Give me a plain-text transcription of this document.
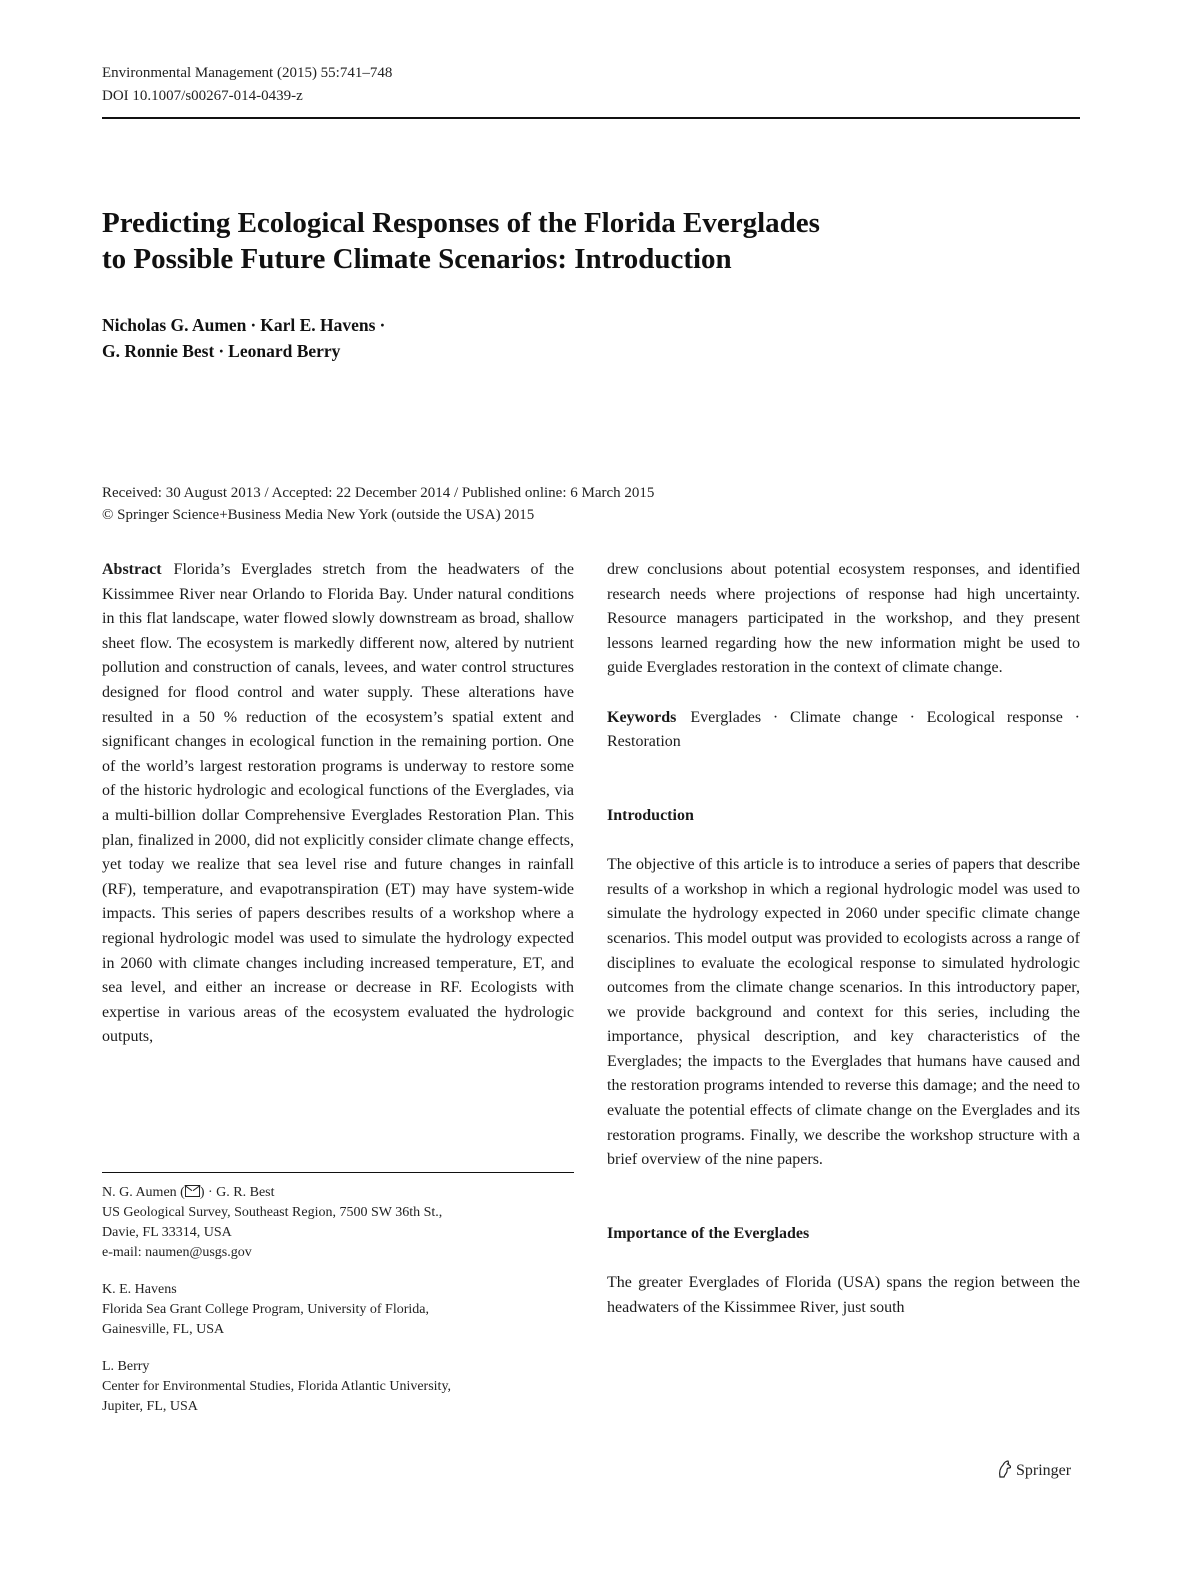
Environmental Management (2015) 55:741–748
DOI 10.1007/s00267-014-0439-z
Predicting Ecological Responses of the Florida Everglades
to Possible Future Climate Scenarios: Introduction
Nicholas G. Aumen · Karl E. Havens ·
G. Ronnie Best · Leonard Berry
Received: 30 August 2013 / Accepted: 22 December 2014 / Published online: 6 March 2015
© Springer Science+Business Media New York (outside the USA) 2015
Abstract Florida’s Everglades stretch from the headwaters of the Kissimmee River near Orlando to Florida Bay. Under natural conditions in this flat landscape, water flowed slowly downstream as broad, shallow sheet flow. The ecosystem is markedly different now, altered by nutrient pollution and construction of canals, levees, and water control structures designed for flood control and water supply. These alterations have resulted in a 50 % reduction of the ecosystem’s spatial extent and significant changes in ecological function in the remaining portion. One of the world’s largest restoration programs is underway to restore some of the historic hydrologic and ecological functions of the Everglades, via a multi-billion dollar Comprehensive Everglades Restoration Plan. This plan, finalized in 2000, did not explicitly consider climate change effects, yet today we realize that sea level rise and future changes in rainfall (RF), temperature, and evapotranspiration (ET) may have system-wide impacts. This series of papers describes results of a workshop where a regional hydrologic model was used to simulate the hydrology expected in 2060 with climate changes including increased temperature, ET, and sea level, and either an increase or decrease in RF. Ecologists with expertise in various areas of the ecosystem evaluated the hydrologic outputs,
N. G. Aumen ( ) · G. R. Best
US Geological Survey, Southeast Region, 7500 SW 36th St.,
Davie, FL 33314, USA
e-mail: naumen@usgs.gov
K. E. Havens
Florida Sea Grant College Program, University of Florida,
Gainesville, FL, USA
L. Berry
Center for Environmental Studies, Florida Atlantic University,
Jupiter, FL, USA
drew conclusions about potential ecosystem responses, and identified research needs where projections of response had high uncertainty. Resource managers participated in the workshop, and they present lessons learned regarding how the new information might be used to guide Everglades restoration in the context of climate change.
Keywords Everglades · Climate change · Ecological response · Restoration
Introduction
The objective of this article is to introduce a series of papers that describe results of a workshop in which a regional hydrologic model was used to simulate the hydrology expected in 2060 under specific climate change scenarios. This model output was provided to ecologists across a range of disciplines to evaluate the ecological response to simulated hydrologic outcomes from the climate change scenarios. In this introductory paper, we provide background and context for this series, including the importance, physical description, and key characteristics of the Everglades; the impacts to the Everglades that humans have caused and the restoration programs intended to reverse this damage; and the need to evaluate the potential effects of climate change on the Everglades and its restoration programs. Finally, we describe the workshop structure with a brief overview of the nine papers.
Importance of the Everglades
The greater Everglades of Florida (USA) spans the region between the headwaters of the Kissimmee River, just south
Springer
